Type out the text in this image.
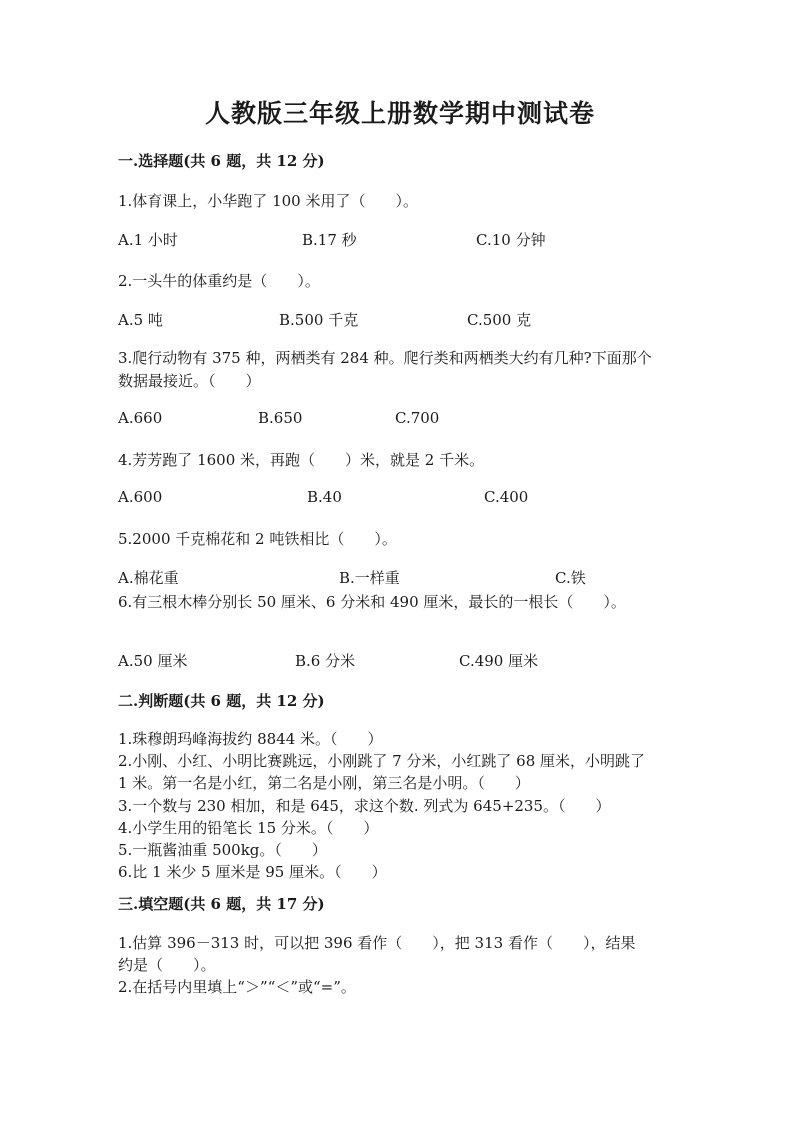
人教版三年级上册数学期中测试卷
一.选择题(共 6 题，共 12 分)
1.体育课上，小华跑了 100 米用了（　　）。
A.1 小时	B.17 秒	C.10 分钟
2.一头牛的体重约是（　　）。
A.5 吨	B.500 千克	C.500 克
3.爬行动物有 375 种，两栖类有 284 种。爬行类和两栖类大约有几种?下面那个
数据最接近。（　　）
A.660	B.650	C.700
4.芳芳跑了 1600 米，再跑（　　）米，就是 2 千米。
A.600	B.40	C.400
5.2000 千克棉花和 2 吨铁相比（　　）。
A.棉花重	B.一样重	C.铁
6.有三根木棒分别长 50 厘米、6 分米和 490 厘米，最长的一根长（　　）。
A.50 厘米	B.6 分米	C.490 厘米
二.判断题(共 6 题，共 12 分)
1.珠穆朗玛峰海拔约 8844 米。（　　）
2.小刚、小红、小明比赛跳远，小刚跳了 7 分米，小红跳了 68 厘米，小明跳了
1 米。第一名是小红，第二名是小刚，第三名是小明。（　　）
3.一个数与 230 相加，和是 645，求这个数. 列式为 645+235。（　　）
4.小学生用的铅笔长 15 分米。（　　）
5.一瓶酱油重 500kg。（　　）
6.比 1 米少 5 厘米是 95 厘米。（　　）
三.填空题(共 6 题，共 17 分)
1.估算 396－313 时，可以把 396 看作（　　），把 313 看作（　　），结果
约是（　　）。
2.在括号内里填上“＞”“＜”或“=”。
